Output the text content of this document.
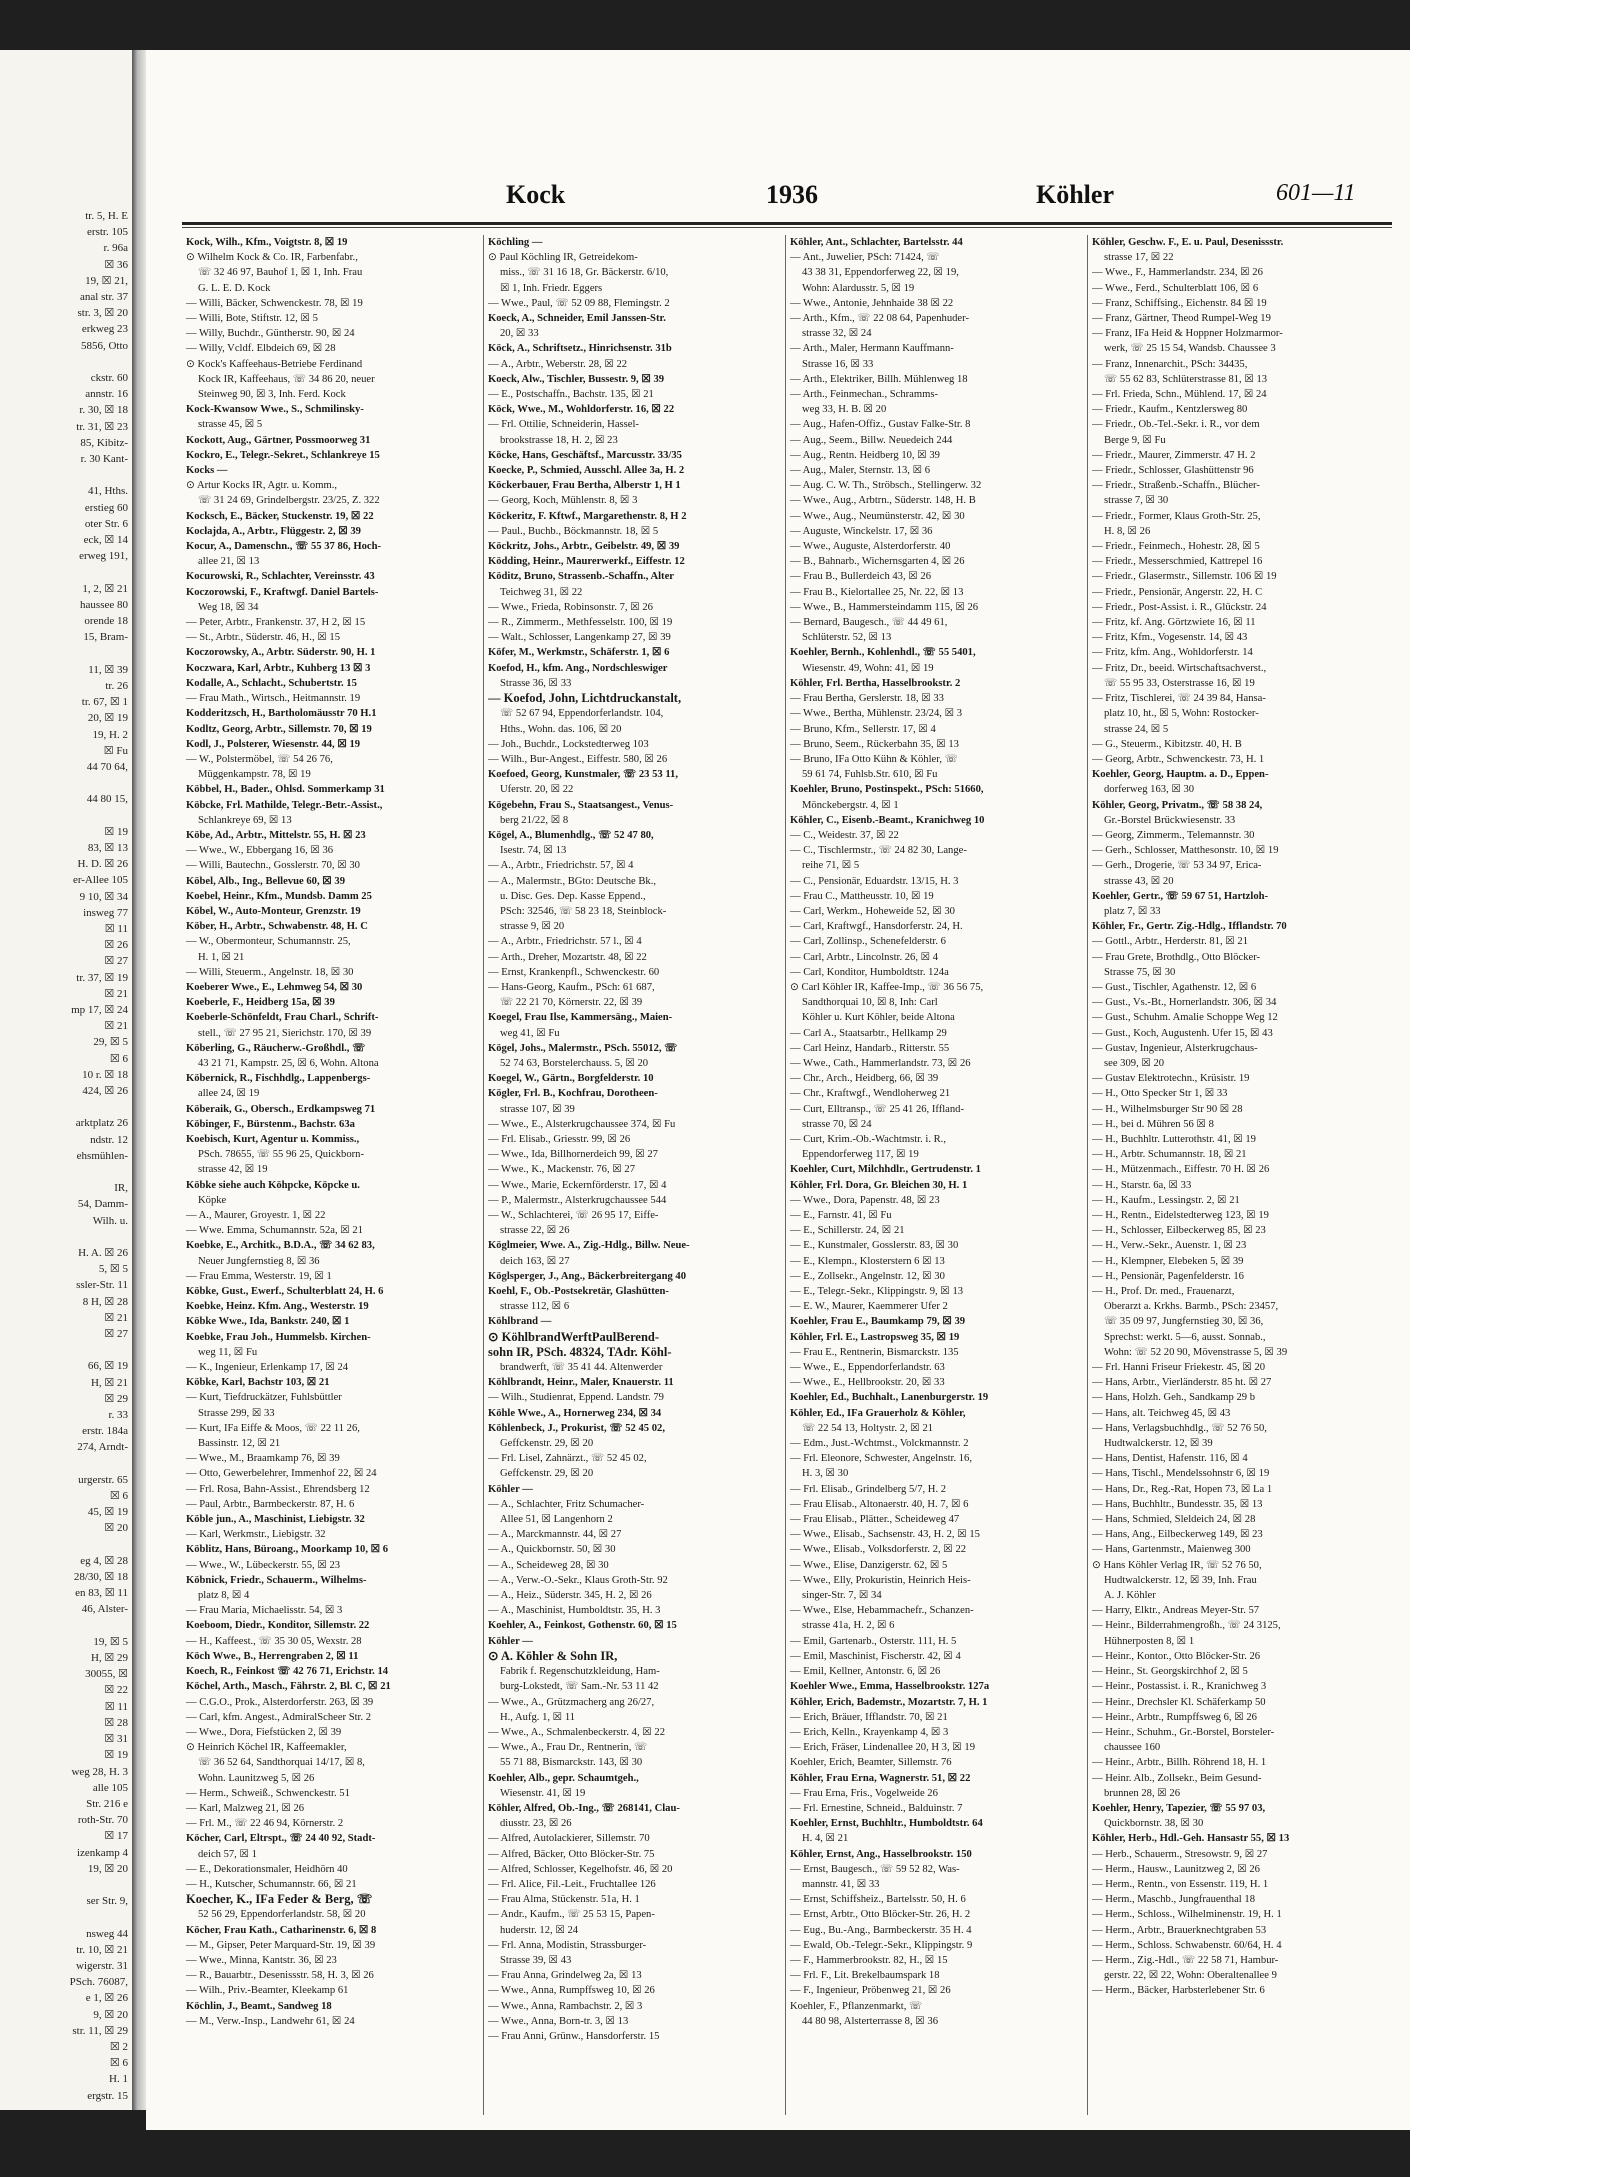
tr. 5, H. E
erstr. 105
r. 96a
☒ 36
19, ☒ 21,
anal str. 37
str. 3, ☒ 20
erkweg 23
5856, Otto

ckstr. 60
annstr. 16
r. 30, ☒ 18
tr. 31, ☒ 23
85, Kibitz-
r. 30 Kant-

41, Hths.
erstieg 60
oter Str. 6
eck, ☒ 14
erweg 191,

1, 2, ☒ 21
haussee 80
orende 18
15, Bram-

11, ☒ 39
tr. 26
tr. 67, ☒ 1
20, ☒ 19
19, H. 2
☒ Fu
44 70 64,

44 80 15,

☒ 19
83, ☒ 13
H. D. ☒ 26
er-Allee 105
9 10, ☒ 34
insweg 77
☒ 11
☒ 26
☒ 27
tr. 37, ☒ 19
☒ 21
mp 17, ☒ 24
☒ 21
29, ☒ 5
☒ 6
10 r. ☒ 18
424, ☒ 26

arktplatz 26
ndstr. 12
ehsmühlen-

IR,
54, Damm-
Wilh. u.

H. A. ☒ 26
5, ☒ 5
ssler-Str. 11
8 H, ☒ 28
☒ 21
☒ 27

66, ☒ 19
H, ☒ 21
☒ 29
r. 33
erstr. 184a
274, Arndt-

urgerstr. 65
☒ 6
45, ☒ 19
☒ 20

eg 4, ☒ 28
28/30, ☒ 18
en 83, ☒ 11
46, Alster-

19, ☒ 5
H, ☒ 29
30055, ☒
☒ 22
☒ 11
☒ 28
☒ 31
☒ 19
weg 28, H. 3
alle 105
Str. 216 e
roth-Str. 70
☒ 17
izenkamp 4
19, ☒ 20

ser Str. 9,

nsweg 44
tr. 10, ☒ 21
wigerstr. 31
PSch. 76087,
e 1, ☒ 26
9, ☒ 20
str. 11, ☒ 29
☒ 2
☒ 6
H. 1
ergstr. 15
Kock	1936	Köhler	601—11
Kock, Wilh., Kfm., Voigtstr. 8, ☒ 19
⊙ Wilhelm Kock & Co. IR, Farbenfabr.,
☏ 32 46 97, Bauhof 1, ☒ 1, Inh. Frau
G. L. E. D. Kock
— Willi, Bäcker, Schwenckestr. 78, ☒ 19
— Willi, Bote, Stiftstr. 12, ☒ 5
— Willy, Buchdr., Güntherstr. 90, ☒ 24
— Willy, Vcldf. Elbdeich 69, ☒ 28
⊙ Kock's Kaffeehaus-Betriebe Ferdinand
Kock IR, Kaffeehaus, ☏ 34 86 20, neuer
Steinweg 90, ☒ 3, Inh. Ferd. Kock
Kock-Kwansow Wwe., S., Schmilinsky-
strasse 45, ☒ 5
Kockott, Aug., Gärtner, Possmoorweg 31
Kockro, E., Telegr.-Sekret., Schlankreye 15
Kocks —
⊙ Artur Kocks IR, Agtr. u. Komm.,
☏ 31 24 69, Grindelbergstr. 23/25, Z. 322
Kocksch, E., Bäcker, Stuckenstr. 19, ☒ 22
Kocłajda, A., Arbtr., Flüggestr. 2, ☒ 39
Kocur, A., Damenschn., ☏ 55 37 86, Hoch-
allee 21, ☒ 13
Kocurowski, R., Schlachter, Vereinsstr. 43
Koczorowski, F., Kraftwgf. Daniel Bartels-
Weg 18, ☒ 34
— Peter, Arbtr., Frankenstr. 37, H 2, ☒ 15
— St., Arbtr., Süderstr. 46, H., ☒ 15
Koczorowsky, A., Arbtr. Süderstr. 90, H. 1
Koczwara, Karl, Arbtr., Kuhberg 13 ☒ 3
Kodalle, A., Schlacht., Schubertstr. 15
— Frau Math., Wirtsch., Heitmannstr. 19
Kodderitzsch, H., Bartholomäusstr 70 H.1
Kodltz, Georg, Arbtr., Sillemstr. 70, ☒ 19
Kodl, J., Polsterer, Wiesenstr. 44, ☒ 19
— W., Polstermöbel, ☏ 54 26 76,
Müggenkampstr. 78, ☒ 19
Köbbel, H., Bader., Ohlsd. Sommerkamp 31
Köbcke, Frl. Mathilde, Telegr.-Betr.-Assist.,
Schlankreye 69, ☒ 13
Köbe, Ad., Arbtr., Mittelstr. 55, H. ☒ 23
— Wwe., W., Ebbergang 16, ☒ 36
— Willi, Bautechn., Gosslerstr. 70, ☒ 30
Köbel, Alb., Ing., Bellevue 60, ☒ 39
Koebel, Heinr., Kfm., Mundsb. Damm 25
Köbel, W., Auto-Monteur, Grenzstr. 19
Köber, H., Arbtr., Schwabenstr. 48, H. C
— W., Obermonteur, Schumannstr. 25,
H. 1, ☒ 21
— Willi, Steuerm., Angelnstr. 18, ☒ 30
Koeberer Wwe., E., Lehmweg 54, ☒ 30
Koeberle, F., Heidberg 15a, ☒ 39
Koeberle-Schönfeldt, Frau Charl., Schrift-
stell., ☏ 27 95 21, Sierichstr. 170, ☒ 39
Köberling, G., Räucherw.-Großhdl., ☏
43 21 71, Kampstr. 25, ☒ 6, Wohn. Altona
Köbernick, R., Fischhdlg., Lappenbergs-
allee 24, ☒ 19
Köberaik, G., Obersch., Erdkampsweg 71
Köbinger, F., Bürstenm., Bachstr. 63a
Koebisch, Kurt, Agentur u. Kommiss.,
PSch. 78655, ☏ 55 96 25, Quickborn-
strasse 42, ☒ 19
Köbke siehe auch Köhpcke, Köpcke u.
Köpke
— A., Maurer, Groyestr. 1, ☒ 22
— Wwe. Emma, Schumannstr. 52a, ☒ 21
Koebke, E., Architk., B.D.A., ☏ 34 62 83,
Neuer Jungfernstieg 8, ☒ 36
— Frau Emma, Westerstr. 19, ☒ 1
Köbke, Gust., Ewerf., Schulterblatt 24, H. 6
Koebke, Heinz. Kfm. Ang., Westerstr. 19
Köbke Wwe., Ida, Bankstr. 240, ☒ 1
Koebke, Frau Joh., Hummelsb. Kirchen-
weg 11, ☒ Fu
— K., Ingenieur, Erlenkamp 17, ☒ 24
Köbke, Karl, Bachstr 103, ☒ 21
— Kurt, Tiefdruckätzer, Fuhlsbüttler
Strasse 299, ☒ 33
— Kurt, IFa Eiffe & Moos, ☏ 22 11 26,
Bassinstr. 12, ☒ 21
— Wwe., M., Braamkamp 76, ☒ 39
— Otto, Gewerbelehrer, Immenhof 22, ☒ 24
— Frl. Rosa, Bahn-Assist., Ehrendsberg 12
— Paul, Arbtr., Barmbeckerstr. 87, H. 6
Köble jun., A., Maschinist, Liebigstr. 32
— Karl, Werkmstr., Liebigstr. 32
Köblitz, Hans, Büroang., Moorkamp 10, ☒ 6
— Wwe., W., Lübeckerstr. 55, ☒ 23
Köbnick, Friedr., Schauerm., Wilhelms-
platz 8, ☒ 4
— Frau Maria, Michaelisstr. 54, ☒ 3
Koeboom, Diedr., Konditor, Sillemstr. 22
— H., Kaffeest., ☏ 35 30 05, Wexstr. 28
Köch Wwe., B., Herrengraben 2, ☒ 11
Koech, R., Feinkost ☏ 42 76 71, Erichstr. 14
Köchel, Arth., Masch., Fährstr. 2, Bl. C, ☒ 21
— C.G.O., Prok., Alsterdorferstr. 263, ☒ 39
— Carl, kfm. Angest., AdmiralScheer Str. 2
— Wwe., Dora, Fiefstücken 2, ☒ 39
⊙ Heinrich Köchel IR, Kaffeemakler,
☏ 36 52 64, Sandthorquai 14/17, ☒ 8,
Wohn. Launitzweg 5, ☒ 26
— Herm., Schweiß., Schwenckestr. 51
— Karl, Malzweg 21, ☒ 26
— Frl. M., ☏ 22 46 94, Körnerstr. 2
Köcher, Carl, Eltrspt., ☏ 24 40 92, Stadt-
deich 57, ☒ 1
— E., Dekorationsmaler, Heidhörn 40
— H., Kutscher, Schumannstr. 66, ☒ 21
Koecher, K., IFa Feder & Berg, ☏
52 56 29, Eppendorferlandstr. 58, ☒ 20
Köcher, Frau Kath., Catharinenstr. 6, ☒ 8
— M., Gipser, Peter Marquard-Str. 19, ☒ 39
— Wwe., Minna, Kantstr. 36, ☒ 23
— R., Bauarbtr., Desenissstr. 58, H. 3, ☒ 26
— Wilh., Priv.-Beamter, Kleekamp 61
Köchlin, J., Beamt., Sandweg 18
— M., Verw.-Insp., Landwehr 61, ☒ 24
Köchling —
⊙ Paul Köchling IR, Getreidekom-
miss., ☏ 31 16 18, Gr. Bäckerstr. 6/10,
☒ 1, Inh. Friedr. Eggers
— Wwe., Paul, ☏ 52 09 88, Flemingstr. 2
Koeck, A., Schneider, Emil Janssen-Str.
20, ☒ 33
Köck, A., Schriftsetz., Hinrichsenstr. 31b
— A., Arbtr., Weberstr. 28, ☒ 22
Koeck, Alw., Tischler, Bussestr. 9, ☒ 39
— E., Postschaffn., Bachstr. 135, ☒ 21
Köck, Wwe., M., Wohldorferstr. 16, ☒ 22
— Frl. Ottilie, Schneiderin, Hassel-
brookstrasse 18, H. 2, ☒ 23
Köcke, Hans, Geschäftsf., Marcusstr. 33/35
Koecke, P., Schmied, Ausschl. Allee 3a, H. 2
Köckerbauer, Frau Bertha, Alberstr 1, H 1
— Georg, Koch, Mühlenstr. 8, ☒ 3
Köckeritz, F. Kftwf., Margarethenstr. 8, H 2
— Paul., Buchb., Böckmannstr. 18, ☒ 5
Köckritz, Johs., Arbtr., Geibelstr. 49, ☒ 39
Ködding, Heinr., Maurerwerkf., Eiffestr. 12
Köditz, Bruno, Strassenb.-Schaffn., Alter
Teichweg 31, ☒ 22
— Wwe., Frieda, Robinsonstr. 7, ☒ 26
— R., Zimmerm., Methfesselstr. 100, ☒ 19
— Walt., Schlosser, Langenkamp 27, ☒ 39
Köfer, M., Werkmstr., Schäferstr. 1, ☒ 6
Koefod, H., kfm. Ang., Nordschleswiger
Strasse 36, ☒ 33
— Koefod, John, Lichtdruckanstalt,
☏ 52 67 94, Eppendorferlandstr. 104,
Hths., Wohn. das. 106, ☒ 20
— Joh., Buchdr., Lockstedterweg 103
— Wilh., Bur-Angest., Eiffestr. 580, ☒ 26
Koefoed, Georg, Kunstmaler, ☏ 23 53 11,
Uferstr. 20, ☒ 22
Kögebehn, Frau S., Staatsangest., Venus-
berg 21/22, ☒ 8
Kögel, A., Blumenhdlg., ☏ 52 47 80,
Isestr. 74, ☒ 13
— A., Arbtr., Friedrichstr. 57, ☒ 4
— A., Malermstr., BGto: Deutsche Bk.,
u. Disc. Ges. Dep. Kasse Eppend.,
PSch: 32546, ☏ 58 23 18, Steinblock-
strasse 9, ☒ 20
— A., Arbtr., Friedrichstr. 57 l., ☒ 4
— Arth., Dreher, Mozartstr. 48, ☒ 22
— Ernst, Krankenpfl., Schwenckestr. 60
— Hans-Georg, Kaufm., PSch: 61 687,
☏ 22 21 70, Körnerstr. 22, ☒ 39
Koegel, Frau Ilse, Kammersäng., Maien-
weg 41, ☒ Fu
Kögel, Johs., Malermstr., PSch. 55012, ☏
52 74 63, Borstelerchauss. 5, ☒ 20
Koegel, W., Gärtn., Borgfelderstr. 10
Kögler, Frl. B., Kochfrau, Dorotheen-
strasse 107, ☒ 39
— Wwe., E., Alsterkrugchaussee 374, ☒ Fu
— Frl. Elisab., Griesstr. 99, ☒ 26
— Wwe., Ida, Billhornerdeich 99, ☒ 27
— Wwe., K., Mackenstr. 76, ☒ 27
— Wwe., Marie, Eckernförderstr. 17, ☒ 4
— P., Malermstr., Alsterkrugchaussee 544
— W., Schlachterei, ☏ 26 95 17, Eiffe-
strasse 22, ☒ 26
Köglmeier, Wwe. A., Zig.-Hdlg., Billw. Neue-
deich 163, ☒ 27
Köglsperger, J., Ang., Bäckerbreitergang 40
Koehl, F., Ob.-Postsekretär, Glashütten-
strasse 112, ☒ 6
Köhlbrand —
⊙ KöhlbrandWerftPaulBerend-
sohn IR, PSch. 48324, TAdr. Köhl-
brandwerft, ☏ 35 41 44. Altenwerder
Köhlbrandt, Heinr., Maler, Knauerstr. 11
— Wilh., Studienrat, Eppend. Landstr. 79
Köhle Wwe., A., Hornerweg 234, ☒ 34
Köhlenbeck, J., Prokurist, ☏ 52 45 02,
Geffckenstr. 29, ☒ 20
— Frl. Lisel, Zahnärzt., ☏ 52 45 02,
Geffckenstr. 29, ☒ 20
Köhler —
— A., Schlachter, Fritz Schumacher-
Allee 51, ☒ Langenhorn 2
— A., Marckmannstr. 44, ☒ 27
— A., Quickbornstr. 50, ☒ 30
— A., Scheideweg 28, ☒ 30
— A., Verw.-O.-Sekr., Klaus Groth-Str. 92
— A., Heiz., Süderstr. 345, H. 2, ☒ 26
— A., Maschinist, Humboldtstr. 35, H. 3
Koehler, A., Feinkost, Gothenstr. 60, ☒ 15
Köhler —
⊙ A. Köhler & Sohn IR,
Fabrik f. Regenschutzkleidung, Ham-
burg-Lokstedt, ☏ Sam.-Nr. 53 11 42
— Wwe., A., Grützmacherg ang 26/27,
H., Aufg. 1, ☒ 11
— Wwe., A., Schmalenbeckerstr. 4, ☒ 22
— Wwe., A., Frau Dr., Rentnerin, ☏
55 71 88, Bismarckstr. 143, ☒ 30
Koehler, Alb., gepr. Schaumtgeh.,
Wiesenstr. 41, ☒ 19
Köhler, Alfred, Ob.-Ing., ☏ 268141, Clau-
diusstr. 23, ☒ 26
— Alfred, Autolackierer, Sillemstr. 70
— Alfred, Bäcker, Otto Blöcker-Str. 75
— Alfred, Schlosser, Kegelhofstr. 46, ☒ 20
— Frl. Alice, Fil.-Leit., Fruchtallee 126
— Frau Alma, Stückenstr. 51a, H. 1
— Andr., Kaufm., ☏ 25 53 15, Papen-
huderstr. 12, ☒ 24
— Frl. Anna, Modistin, Strassburger-
Strasse 39, ☒ 43
— Frau Anna, Grindelweg 2a, ☒ 13
— Wwe., Anna, Rumpffsweg 10, ☒ 26
— Wwe., Anna, Rambachstr. 2, ☒ 3
— Wwe., Anna, Born-tr. 3, ☒ 13
— Frau Anni, Grünw., Hansdorferstr. 15
Köhler, Ant., Schlachter, Bartelsstr. 44
— Ant., Juwelier, PSch: 71424, ☏
43 38 31, Eppendorferweg 22, ☒ 19,
Wohn: Alardusstr. 5, ☒ 19
— Wwe., Antonie, Jehnhaide 38 ☒ 22
— Arth., Kfm., ☏ 22 08 64, Papenhuder-
strasse 32, ☒ 24
— Arth., Maler, Hermann Kauffmann-
Strasse 16, ☒ 33
— Arth., Elektriker, Billh. Mühlenweg 18
— Arth., Feinmechan., Schramms-
weg 33, H. B. ☒ 20
— Aug., Hafen-Offiz., Gustav Falke-Str. 8
— Aug., Seem., Billw. Neuedeich 244
— Aug., Rentn. Heidberg 10, ☒ 39
— Aug., Maler, Sternstr. 13, ☒ 6
— Aug. C. W. Th., Ströbsch., Stellingerw. 32
— Wwe., Aug., Arbtrn., Süderstr. 148, H. B
— Wwe., Aug., Neumünsterstr. 42, ☒ 30
— Auguste, Winckelstr. 17, ☒ 36
— Wwe., Auguste, Alsterdorferstr. 40
— B., Bahnarb., Wichernsgarten 4, ☒ 26
— Frau B., Bullerdeich 43, ☒ 26
— Frau B., Kielortallee 25, Nr. 22, ☒ 13
— Wwe., B., Hammersteindamm 115, ☒ 26
— Bernard, Baugesch., ☏ 44 49 61,
Schlüterstr. 52, ☒ 13
Koehler, Bernh., Kohlenhdl., ☏ 55 5401,
Wiesenstr. 49, Wohn: 41, ☒ 19
Köhler, Frl. Bertha, Hasselbrookstr. 2
— Frau Bertha, Gerslerstr. 18, ☒ 33
— Wwe., Bertha, Mühlenstr. 23/24, ☒ 3
— Bruno, Kfm., Sellerstr. 17, ☒ 4
— Bruno, Seem., Rückerbahn 35, ☒ 13
— Bruno, IFa Otto Kühn & Köhler, ☏
59 61 74, Fuhlsb.Str. 610, ☒ Fu
Koehler, Bruno, Postinspekt., PSch: 51660,
Mönckebergstr. 4, ☒ 1
Köhler, C., Eisenb.-Beamt., Kranichweg 10
— C., Weidestr. 37, ☒ 22
— C., Tischlermstr., ☏ 24 82 30, Lange-
reihe 71, ☒ 5
— C., Pensionär, Eduardstr. 13/15, H. 3
— Frau C., Mattheusstr. 10, ☒ 19
— Carl, Werkm., Hoheweide 52, ☒ 30
— Carl, Kraftwgf., Hansdorferstr. 24, H.
— Carl, Zollinsp., Schenefelderstr. 6
— Carl, Arbtr., Lincolnstr. 26, ☒ 4
— Carl, Konditor, Humboldtstr. 124a
⊙ Carl Köhler IR, Kaffee-Imp., ☏ 36 56 75,
Sandthorquai 10, ☒ 8, Inh: Carl
Köhler u. Kurt Köhler, beide Altona
— Carl A., Staatsarbtr., Hellkamp 29
— Carl Heinz, Handarb., Ritterstr. 55
— Wwe., Cath., Hammerlandstr. 73, ☒ 26
— Chr., Arch., Heidberg, 66, ☒ 39
— Chr., Kraftwgf., Wendloherweg 21
— Curt, Elltransp., ☏ 25 41 26, Iffland-
strasse 70, ☒ 24
— Curt, Krim.-Ob.-Wachtmstr. i. R.,
Eppendorferweg 117, ☒ 19
Koehler, Curt, Milchhdlr., Gertrudenstr. 1
Köhler, Frl. Dora, Gr. Bleichen 30, H. 1
— Wwe., Dora, Papenstr. 48, ☒ 23
— E., Farnstr. 41, ☒ Fu
— E., Schillerstr. 24, ☒ 21
— E., Kunstmaler, Gosslerstr. 83, ☒ 30
— E., Klempn., Klosterstern 6 ☒ 13
— E., Zollsekr., Angelnstr. 12, ☒ 30
— E., Telegr.-Sekr., Klippingstr. 9, ☒ 13
— E. W., Maurer, Kaemmerer Ufer 2
Koehler, Frau E., Baumkamp 79, ☒ 39
Köhler, Frl. E., Lastropsweg 35, ☒ 19
— Frau E., Rentnerin, Bismarckstr. 135
— Wwe., E., Eppendorferlandstr. 63
— Wwe., E., Hellbrookstr. 20, ☒ 33
Koehler, Ed., Buchhalt., Lanenburgerstr. 19
Köhler, Ed., IFa Grauerholz & Köhler,
☏ 22 54 13, Holtystr. 2, ☒ 21
— Edm., Just.-Wchtmst., Volckmannstr. 2
— Frl. Eleonore, Schwester, Angelnstr. 16,
H. 3, ☒ 30
— Frl. Elisab., Grindelberg 5/7, H. 2
— Frau Elisab., Altonaerstr. 40, H. 7, ☒ 6
— Frau Elisab., Plätter., Scheideweg 47
— Wwe., Elisab., Sachsenstr. 43, H. 2, ☒ 15
— Wwe., Elisab., Volksdorferstr. 2, ☒ 22
— Wwe., Elise, Danzigerstr. 62, ☒ 5
— Wwe., Elly, Prokuristin, Heinrich Heis-
singer-Str. 7, ☒ 34
— Wwe., Else, Hebammachefr., Schanzen-
strasse 41a, H. 2, ☒ 6
— Emil, Gartenarb., Osterstr. 111, H. 5
— Emil, Maschinist, Fischerstr. 42, ☒ 4
— Emil, Kellner, Antonstr. 6, ☒ 26
Koehler Wwe., Emma, Hasselbrookstr. 127a
Köhler, Erich, Bademstr., Mozartstr. 7, H. 1
— Erich, Bräuer, Ifflandstr. 70, ☒ 21
— Erich, Kelln., Krayenkamp 4, ☒ 3
— Erich, Fräser, Lindenallee 20, H 3, ☒ 19
Koehler, Erich, Beamter, Sillemstr. 76
Köhler, Frau Erna, Wagnerstr. 51, ☒ 22
— Frau Erna, Fris., Vogelweide 26
— Frl. Ernestine, Schneid., Balduinstr. 7
Koehler, Ernst, Buchhltr., Humboldtstr. 64
H. 4, ☒ 21
Köhler, Ernst, Ang., Hasselbrookstr. 150
— Ernst, Baugesch., ☏ 59 52 82, Was-
mannstr. 41, ☒ 33
— Ernst, Schiffsheiz., Bartelsstr. 50, H. 6
— Ernst, Arbtr., Otto Blöcker-Str. 26, H. 2
— Eug., Bu.-Ang., Barmbeckerstr. 35 H. 4
— Ewald, Ob.-Telegr.-Sekr., Klippingstr. 9
— F., Hammerbrookstr. 82, H., ☒ 15
— Frl. F., Lit. Brekelbaumspark 18
— F., Ingenieur, Pröbenweg 21, ☒ 26
Koehler, F., Pflanzenmarkt, ☏
44 80 98, Alsterterrasse 8, ☒ 36
Köhler, Geschw. F., E. u. Paul, Desenissstr.
strasse 17, ☒ 22
— Wwe., F., Hammerlandstr. 234, ☒ 26
— Wwe., Ferd., Schulterblatt 106, ☒ 6
— Franz, Schiffsing., Eichenstr. 84 ☒ 19
— Franz, Gärtner, Theod Rumpel-Weg 19
— Franz, IFa Heid & Hoppner Holzmarmor-
werk, ☏ 25 15 54, Wandsb. Chaussee 3
— Franz, Innenarchit., PSch: 34435,
☏ 55 62 83, Schlüterstrasse 81, ☒ 13
— Frl. Frieda, Schn., Mühlend. 17, ☒ 24
— Friedr., Kaufm., Kentzlersweg 80
— Friedr., Ob.-Tel.-Sekr. i. R., vor dem
Berge 9, ☒ Fu
— Friedr., Maurer, Zimmerstr. 47 H. 2
— Friedr., Schlosser, Glashüttenstr 96
— Friedr., Straßenb.-Schaffn., Blücher-
strasse 7, ☒ 30
— Friedr., Former, Klaus Groth-Str. 25,
H. 8, ☒ 26
— Friedr., Feinmech., Hohestr. 28, ☒ 5
— Friedr., Messerschmied, Kattrepel 16
— Friedr., Glasermstr., Sillemstr. 106 ☒ 19
— Friedr., Pensionär, Angerstr. 22, H. C
— Friedr., Post-Assist. i. R., Glückstr. 24
— Fritz, kf. Ang. Görtzwiete 16, ☒ 11
— Fritz, Kfm., Vogesenstr. 14, ☒ 43
— Fritz, kfm. Ang., Wohldorferstr. 14
— Fritz, Dr., beeid. Wirtschaftsachverst.,
☏ 55 95 33, Osterstrasse 16, ☒ 19
— Fritz, Tischlerei, ☏ 24 39 84, Hansa-
platz 10, ht., ☒ 5, Wohn: Rostocker-
strasse 24, ☒ 5
— G., Steuerm., Kibitzstr. 40, H. B
— Georg, Arbtr., Schwenckestr. 73, H. 1
Koehler, Georg, Hauptm. a. D., Eppen-
dorferweg 163, ☒ 30
Köhler, Georg, Privatm., ☏ 58 38 24,
Gr.-Borstel Brückwiesenstr. 33
— Georg, Zimmerm., Telemannstr. 30
— Gerh., Schlosser, Matthesonstr. 10, ☒ 19
— Gerh., Drogerie, ☏ 53 34 97, Erica-
strasse 43, ☒ 20
Koehler, Gertr., ☏ 59 67 51, Hartzloh-
platz 7, ☒ 33
Köhler, Fr., Gertr. Zig.-Hdlg., Ifflandstr. 70
— Gottl., Arbtr., Herderstr. 81, ☒ 21
— Frau Grete, Brothdlg., Otto Blöcker-
Strasse 75, ☒ 30
— Gust., Tischler, Agathenstr. 12, ☒ 6
— Gust., Vs.-Bt., Hornerlandstr. 306, ☒ 34
— Gust., Schuhm. Amalie Schoppe Weg 12
— Gust., Koch, Augustenh. Ufer 15, ☒ 43
— Gustav, Ingenieur, Alsterkrugchaus-
see 309, ☒ 20
— Gustav Elektrotechn., Krüsistr. 19
— H., Otto Specker Str 1, ☒ 33
— H., Wilhelmsburger Str 90 ☒ 28
— H., bei d. Mühren 56 ☒ 8
— H., Buchhltr. Lutterothstr. 41, ☒ 19
— H., Arbtr. Schumannstr. 18, ☒ 21
— H., Mützenmach., Eiffestr. 70 H. ☒ 26
— H., Starstr. 6a, ☒ 33
— H., Kaufm., Lessingstr. 2, ☒ 21
— H., Rentn., Eidelstedterweg 123, ☒ 19
— H., Schlosser, Eilbeckerweg 85, ☒ 23
— H., Verw.-Sekr., Auenstr. 1, ☒ 23
— H., Klempner, Elebeken 5, ☒ 39
— H., Pensionär, Pagenfelderstr. 16
— H., Prof. Dr. med., Frauenarzt,
Oberarzt a. Krkhs. Barmb., PSch: 23457,
☏ 35 09 97, Jungfernstieg 30, ☒ 36,
Sprechst: werkt. 5—6, ausst. Sonnab.,
Wohn: ☏ 52 20 90, Mövenstrasse 5, ☒ 39
— Frl. Hanni Friseur Friekestr. 45, ☒ 20
— Hans, Arbtr., Vierländerstr. 85 ht. ☒ 27
— Hans, Holzh. Geh., Sandkamp 29 b
— Hans, alt. Teichweg 45, ☒ 43
— Hans, Verlagsbuchhdlg., ☏ 52 76 50,
Hudtwalckerstr. 12, ☒ 39
— Hans, Dentist, Hafenstr. 116, ☒ 4
— Hans, Tischl., Mendelssohnstr 6, ☒ 19
— Hans, Dr., Reg.-Rat, Hopen 73, ☒ La 1
— Hans, Buchhltr., Bundesstr. 35, ☒ 13
— Hans, Schmied, Sleldeich 24, ☒ 28
— Hans, Ang., Eilbeckerweg 149, ☒ 23
— Hans, Gartenmstr., Maienweg 300
⊙ Hans Köhler Verlag IR, ☏ 52 76 50,
Hudtwalckerstr. 12, ☒ 39, Inh. Frau
A. J. Köhler
— Harry, Elktr., Andreas Meyer-Str. 57
— Heinr., Bilderrahmengroßh., ☏ 24 3125,
Hühnerposten 8, ☒ 1
— Heinr., Kontor., Otto Blöcker-Str. 26
— Heinr., St. Georgskirchhof 2, ☒ 5
— Heinr., Postassist. i. R., Kranichweg 3
— Heinr., Drechsler Kl. Schäferkamp 50
— Heinr., Arbtr., Rumpffsweg 6, ☒ 26
— Heinr., Schuhm., Gr.-Borstel, Borsteler-
chaussee 160
— Heinr., Arbtr., Billh. Röhrend 18, H. 1
— Heinr. Alb., Zollsekr., Beim Gesund-
brunnen 28, ☒ 26
Koehler, Henry, Tapezier, ☏ 55 97 03,
Quickbornstr. 38, ☒ 30
Köhler, Herb., Hdl.-Geh. Hansastr 55, ☒ 13
— Herb., Schauerm., Stresowstr. 9, ☒ 27
— Herm., Hausw., Launitzweg 2, ☒ 26
— Herm., Rentn., von Essenstr. 119, H. 1
— Herm., Maschb., Jungfrauenthal 18
— Herm., Schloss., Wilhelminenstr. 19, H. 1
— Herm., Arbtr., Brauerknechtgraben 53
— Herm., Schloss. Schwabenstr. 60/64, H. 4
— Herm., Zig.-Hdl., ☏ 22 58 71, Hambur-
gerstr. 22, ☒ 22, Wohn: Oberaltenallee 9
— Herm., Bäcker, Harbsterlebener Str. 6
